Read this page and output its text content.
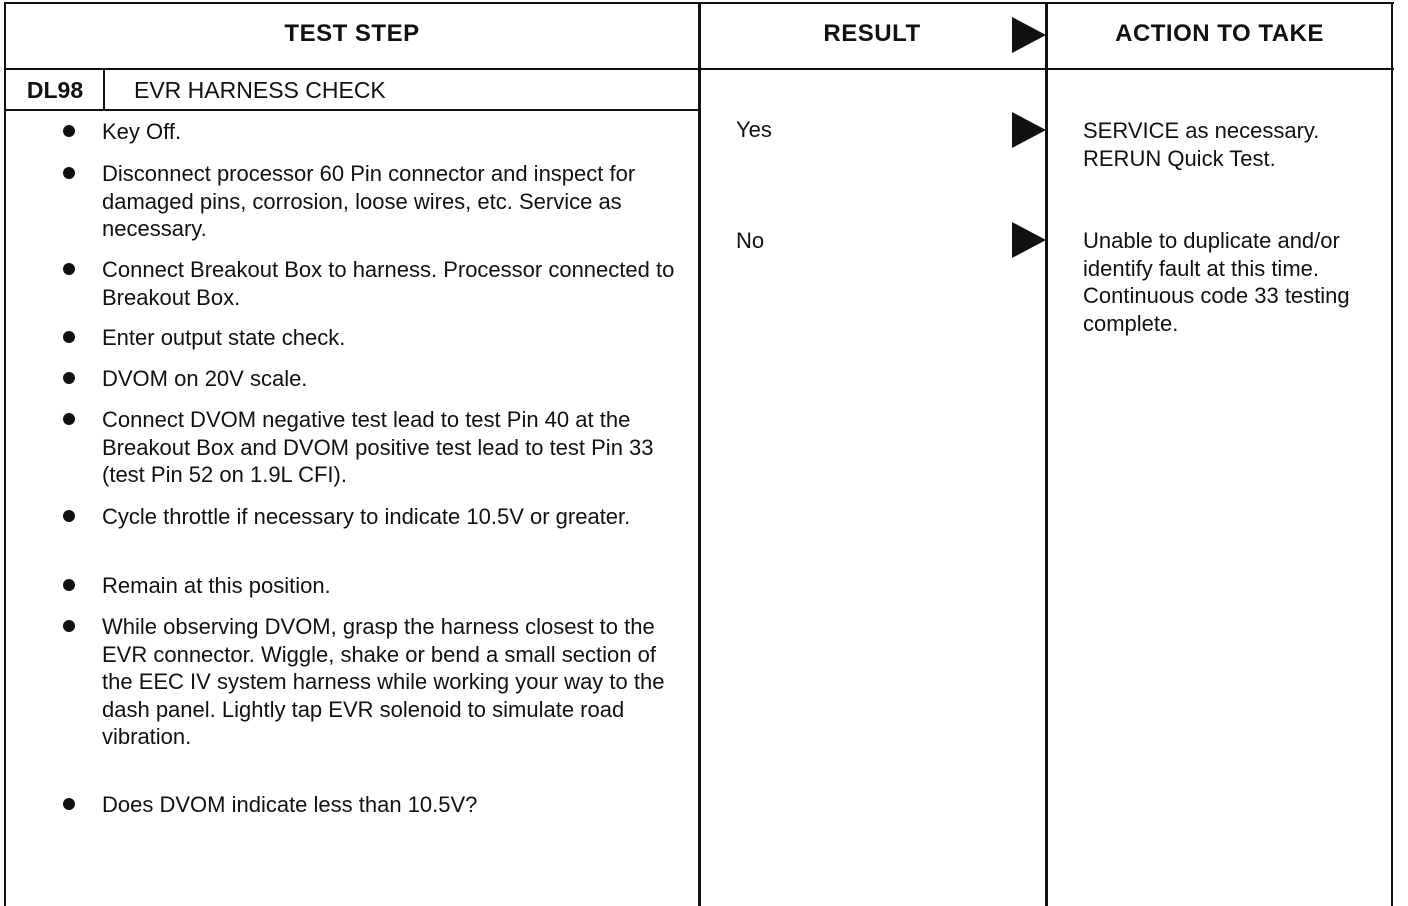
TEST STEP	RESULT	ACTION TO TAKE
DL98	EVR HARNESS CHECK
Key Off.
Disconnect processor 60 Pin connector and inspect for damaged pins, corrosion, loose wires, etc. Service as necessary.
Connect Breakout Box to harness. Processor connected to Breakout Box.
Enter output state check.
DVOM on 20V scale.
Connect DVOM negative test lead to test Pin 40 at the Breakout Box and DVOM positive test lead to test Pin 33 (test Pin 52 on 1.9L CFI).
Cycle throttle if necessary to indicate 10.5V or greater.
Remain at this position.
While observing DVOM, grasp the harness closest to the EVR connector. Wiggle, shake or bend a small section of the EEC IV system harness while working your way to the dash panel. Lightly tap EVR solenoid to simulate road vibration.
Does DVOM indicate less than 10.5V?
Yes	SERVICE as necessary. RERUN Quick Test.
No	Unable to duplicate and/or identify fault at this time. Continuous code 33 testing complete.
